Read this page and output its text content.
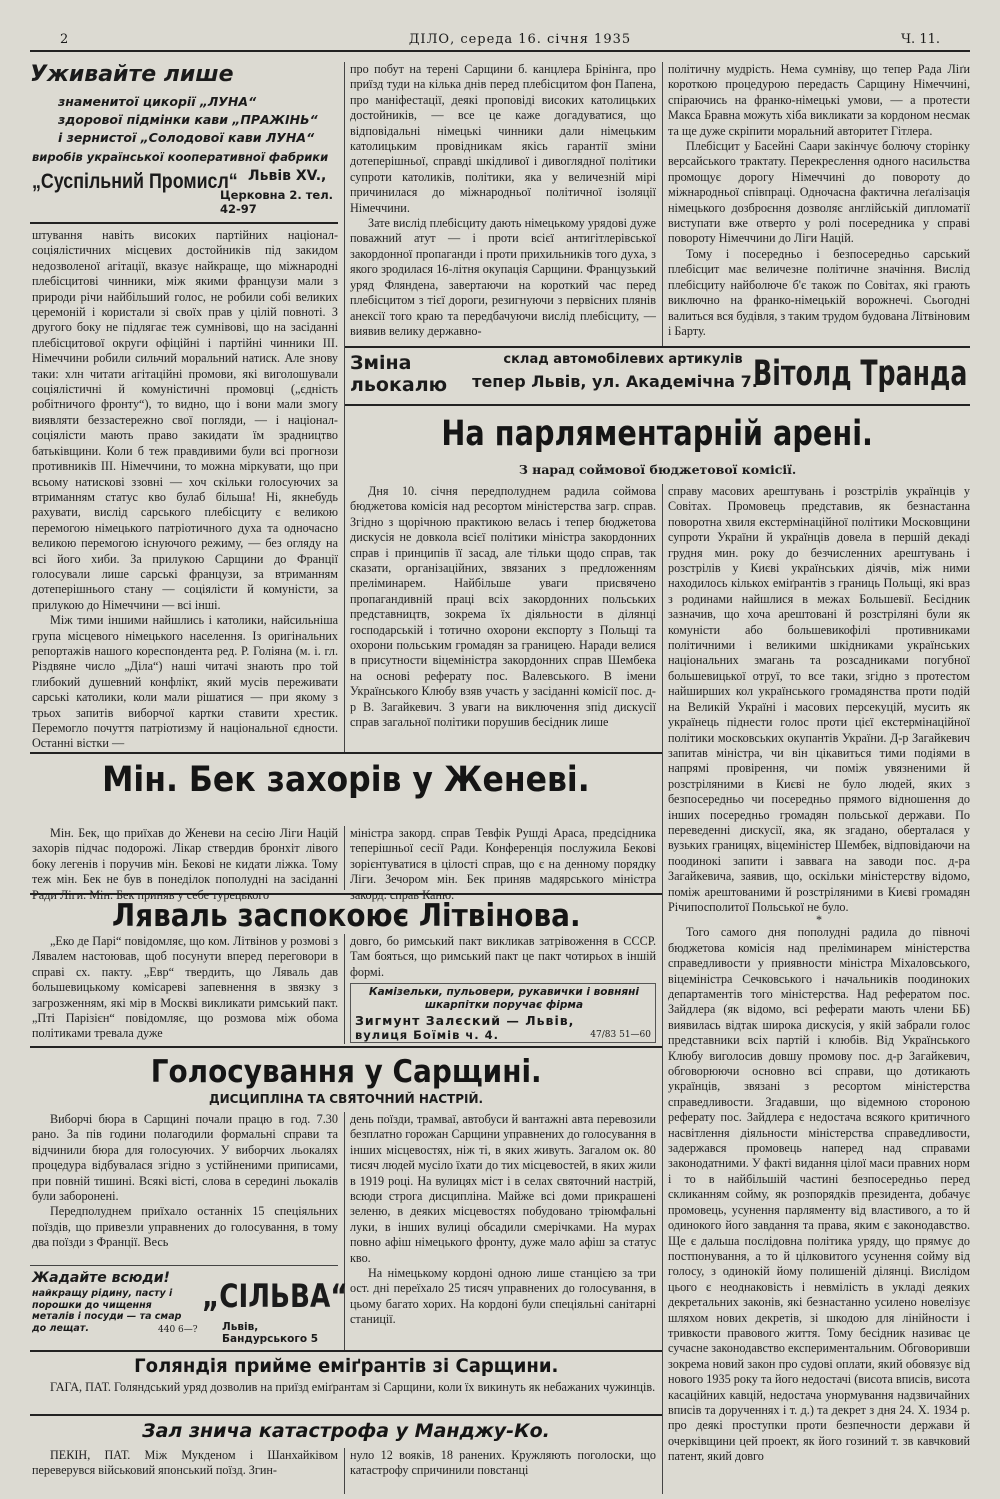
2	ДІЛО, середа 16. січня 1935	Ч. 11.
Уживайте лише
знаменитої цикорії „ЛУНА“
здорової підмінки кави „ПРАЖІНЬ“
і зернистої „Солодової кави ЛУНА“
виробів української кооперативної фабрики
„Суспільний Промисл“ Львів XV.,
Церковна 2. тел. 42-97

штування навіть високих партійних націонал-соціялістичних місцевих достойників під закидом недозволеної агітації, вказує найкраще, що міжнародні плебісцитові чинники, між якими французи мали з природи річи найбільший голос, не робили собі великих церемоній і користали зі своїх прав у цілій повноті. З другого боку не підлягає теж сумнівові, що на засіданні плебісцитової округи офіційні і партійні чинники III. Німеччини робили сильчий моральний натиск. Але знову таки: хлн читати агітаційні промови, які виголошували соціялістичні й комуністичні промовці („єдність робітничого фронту“), то видно, що і вони мали змогу виявляти беззастережно свої погляди, — і націонал-соціялісти мають право закидати їм зрадництво батьківщини. Коли б теж правдивими були всі прогнози противників III. Німеччини, то можна міркувати, що при всьому натискові ззовні — хоч скільки голосуючих за втриманням статус кво булаб більша! Ні, якнебудь рахувати, вислід сарського плебісциту є великою перемогою німецького патріотичного духа та одночасно великою перемогою існуючого режиму, — без огляду на всі його хиби. За прилукою Сарщини до Франції голосували лише сарські французи, за втриманням дотеперішнього стану — соціялісти й комуністи, за прилукою до Німеччини — всі інші.

Між тими іншими найшлись і католики, найсильніша група місцевого німецького населення. Із оригінальних репортажів нашого кореспондента ред. Р. Голіяна (м. і. гл. Різдвяне число „Діла“) наші читачі знають про той глибокий душевний конфлікт, який мусів переживати сарські католики, коли мали рішатися — при якому з трьох запитів виборчої картки ставити хрестик. Перемогло почуття патріотизму й національної єдности. Останні вістки —

про побут на терені Сарщини б. канцлера Брінінга, про приїзд туди на кілька днів перед плебісцитом фон Папена, про маніфестації, деякі проповіді високих католицьких достойників, — все це каже догадуватися, що відповідальні німецькі чинники дали німецьким католицьким провідникам якісь гарантії зміни дотеперішньої, справді шкідливої і дивоглядної політики супроти католиків, політики, яка у величезній мірі причинилася до міжнародньої політичної ізоляції Німеччини.

Зате вислід плебісциту дають німецькому урядові дуже поважний атут — і проти всієї антигітлерівської закордонної пропаганди і проти прихильників того духа, з якого зродилася 16-літня окупація Сарщини. Французький уряд Фляндена, завертаючи на короткий час перед плебісцитом з тієї дороги, резигнуючи з первісних плянів анексії того краю та передбачуючи вислід плебісциту, — виявив велику державно-

політичну мудрість. Нема сумніву, що тепер Рада Ліґи короткою процедурою передасть Сарщину Німеччині, спіраючись на франко-німецькі умови, — а протести Макса Бравна можуть хіба викликати за кордоном несмак та ще дуже скріпити моральний авторитет Гітлера.

Плебісцит у Басейні Саари закінчує болючу сторінку версайського трактату. Перекреслення одного насильства промощує дорогу Німеччині до повороту до міжнародньої співпраці. Одночасна фактична леґалізація німецького дозброєння дозволяє англійській дипломатії виступати вже отверто у ролі посередника у справі повороту Німеччини до Ліги Націй.

Тому і посередньо і безпосередньо сарський плебісцит має величезне політичне значіння. Вислід плебісциту найболюче б'є також по Совітах, які грають виключно на франко-німецькій ворожнечі. Сьогодні валиться вся будівля, з таким трудом будована Літвіновим і Барту.

Зміна льокалю
склад автомобілевих артикулів
тепер Львів, ул. Академічна 7.
Вітолд Транда
На парляментарній арені.
З нарад соймової бюджетової комісії.

Дня 10. січня передполуднем радила соймова бюджетова комісія над ресортом міністерства загр. справ. Згідно з щорічною практикою велась і тепер бюджетова дискусія не довкола всієї політики міністра закордонних справ і принципів її засад, але тільки щодо справ, так сказати, організаційних, звязаних з предложенням преліминарем. Найбільше уваги присвячено пропагандивній праці всіх закордонних польських представництв, зокрема їх діяльности в ділянці господарській і тотично охорони експорту з Польщі та охорони польським громадян за границею. Наради велися в присутности віцеміністра закордонних справ Шембека на основі реферату пос. Валевського. В імени Українського Клюбу взяв участь у засіданні комісії пос. д-р В. Загайкевич. З уваги на виключення зпід дискусії справ загальної політики порушив бесідник лише

справу масових арештувань і розстрілів українців у Совітах. Промовець представив, як безнастанна поворотна хвиля екстермінаційної політики Московщини супроти України й українців довела в першій декаді грудня мин. року до безчисленних арештувань і розстрілів у Києві українських діячів, між ними находилось кількох еміґрантів з границь Польщі, які враз з родинами найшлися в межах Большевії. Бесідник зазначив, що хоча арештовані й розстріляні були як комуністи або большевикофілі противниками політичними і великими шкідниками українських національних змагань та розсадниками погубної большевицької отруї, то все таки, згідно з протестом найширших кол українського громадянства проти подій на Великій Україні і масових персекуцій, мусить як українець піднести голос проти цієї екстермінаційної політики московських окупантів України. Д-р Загайкевич запитав міністра, чи він цікавиться тими подіями в напрямі провірення, чи поміж увязненими й розстріляними в Києві не було людей, яких з безпосередньо чи посередньо прямого відношення до інших посередньо громадян польської держави. По переведенні дискусії, яка, як згадано, оберталася у вузьких границях, віцеміністер Шембек, відповідаючи на поодинокі запити і заввага на заводи пос. д-ра Загайкевича, заявив, що, оскільки міністерству відомо, поміж арештованими й розстріляними в Києві громадян Річипосполитої Польської не було.

*

Того самого дня пополудні радила до півночі бюджетова комісія над преліминарем міністерства справедливости у приявности міністра Міхаловського, віцеміністра Сечковського і начальників поодиноких департаментів того міністерства. Над рефератом пос. Зайдлера (як відомо, всі реферати мають члени ББ) виявилась відтак широка дискусія, у якій забрали голос представники всіх партій і клюбів. Від Українського Клюбу виголосив довшу промову пос. д-р Загайкевич, обговорюючи основно всі справи, що дотикають українців, звязані з ресортом міністерства справедливости. Згадавши, що відемною стороною реферату пос. Зайдлера є недостача всякого критичного насвітлення діяльности міністерства справедливости, задержався промовець наперед над справами законодатними. У факті видання цілої маси правних норм і то в найбільшій частині безпосередньо перед скликанням сойму, як розпорядків президента, добачує промовець, усунення парляменту від властивого, а то й одинокого його завдання та права, яким є законодавство. Ще є дальша послідовна політика уряду, що прямує до постпонування, а то й цілковитого усунення сойму від голосу, з одинокій йому полишеній ділянці. Вислідом цього є неоднаковість і невмілість в укладі деяких декретальних законів, які безнастанно усилено новелізує шляхом нових декретів, зі шкодою для лінійности і тривкости правового життя. Тому бесідник називає це сучасне законодавство експериментальним. Обговоривши зокрема новий закон про судові оплати, який обовязує від нового 1935 року та його недостачі (висота вписів, висота касаційних кавцій, недостача унормування надзвичайних вписів та дорученнях і т. д.) та декрет з дня 24. X. 1934 р. про деякі проступки проти безпечности держави й очерківщини цей проект, як його гозиний т. зв кавчковий патент, який довго

Мін. Бек захорів у Женеві.

Мін. Бек, що приїхав до Женеви на сесію Ліги Націй захорів підчас подорожі. Лікар ствердив бронхіт лівого боку легенів і поручив мін. Бекові не кидати ліжка. Тому теж мін. Бек не був в понеділок пополудні на засіданні Ради Ліги. Мін. Бек приняв у себе турецького

міністра закорд. справ Тевфік Рушді Араса, предсідника теперішньої сесії Ради. Конференція послужила Бекові зорієнтуватися в цілості справ, що є на денному порядку Ліги. Зечором мін. Бек приняв мадярського міністра закорд. справ Каню.

Ляваль заспокоює Літвінова.

„Еко де Парі“ повідомляє, що ком. Літвінов у розмові з Лявалем настоював, щоб посунути вперед переговори в справі сх. пакту. „Евр“ твердить, що Ляваль дав большевицькому комісареві запевнення в звязку з загрозженням, які мір в Москві викликати римський пакт. „Пті Парізієн“ повідомляє, що розмова між обома політиками тревала дуже

довго, бо римський пакт викликав затрівоження в СССР. Там бояться, що римський пакт це пакт чотирьох в іншій формі.

Камізельки, пульовери, рукавички і вовняні шкарпітки поручає фірма
Зигмунт Залєский — Львів,
вулиця Боїмів ч. 4.	47/83 51—60
Голосування у Сарщині.
ДИСЦИПЛІНА ТА СВЯТОЧНИЙ НАСТРІЙ.

Виборчі бюра в Сарщині почали працю в год. 7.30 рано. За пів години полагодили формальні справи та відчинили бюра для голосуючих. У виборчих льокалях процедура відбувалася згідно з устійненими приписами, при повній тишині. Всякі вісті, слова в середині льокалів були заборонені.

Передполуднем приїхало останніх 15 спеціяльних поїздів, що привезли управнених до голосування, в тому два поїзди з Франції. Весь

день поїзди, трамваї, автобуси й вантажні авта перевозили безплатно горожан Сарщини управнених до голосування в інших місцевостях, ніж ті, в яких живуть. Загалом ок. 80 тисяч людей мусіло їхати до тих місцевостей, в яких жили в 1919 році. На вулицях міст і в селах святочний настрій, всюди строга дисципліна. Майже всі доми прикрашені зеленю, в деяких місцевостях побудовано тріюмфальні луки, в інших вулиці обсадили смерічками. На мурах повно афіш німецького фронту, дуже мало афіш за статус кво.

На німецькому кордоні одною лише станцією за три ост. дні переїхало 25 тисяч управнених до голосування, в цьому багато хорих. На кордоні були спеціяльні санітарні станиції.

Жадайте всюди!
найкращу рідину, пасту і порошки до чищення металів і посуди — та смар до лещат.	440 6—?
„СІЛЬВА“
Львів, Бандурського 5
Голяндія прийме еміґрантів зі Сарщини.

ГАГА, ПАТ. Голяндський уряд дозволив на приїзд еміґрантам зі Сарщини, коли їх викинуть як небажаних чужинців.

Зал знича катастрофа у Манджу-Ко.

ПЕКІН, ПАТ. Між Мукденом і Шанхайківом переверувся військовий японський поїзд. Згин-

нуло 12 вояків, 18 ранених. Кружляють поголоски, що катастрофу спричинили повстанці
